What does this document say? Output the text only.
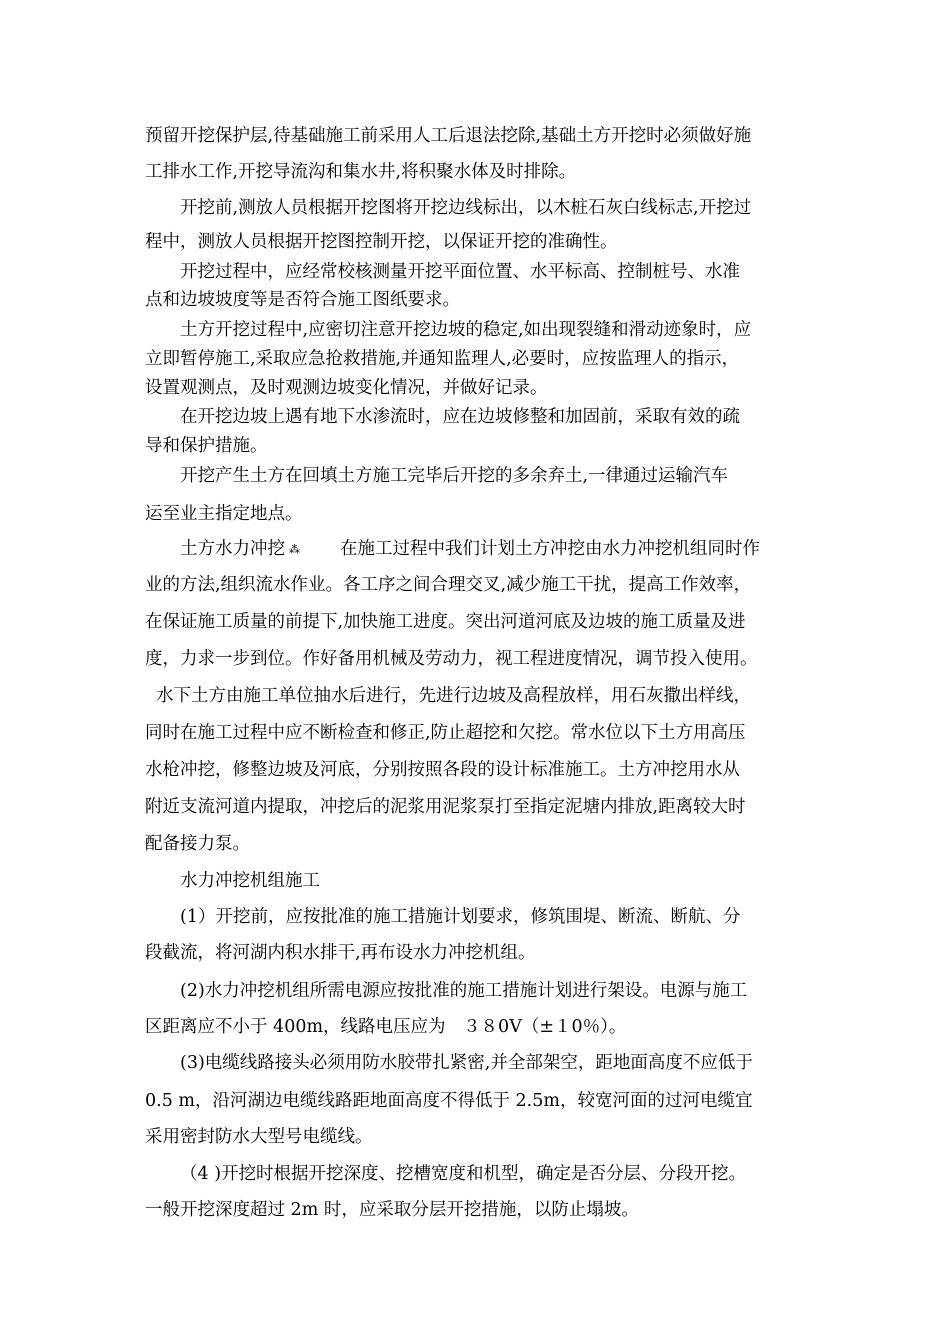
预留开挖保护层,待基础施工前采用人工后退法挖除,基础土方开挖时必须做好施
工排水工作,开挖导流沟和集水井,将积聚水体及时排除。
开挖前,测放人员根据开挖图将开挖边线标出，以木桩石灰白线标志,开挖过
程中，测放人员根据开挖图控制开挖，以保证开挖的准确性。
开挖过程中，应经常校核测量开挖平面位置、水平标高、控制桩号、水准
点和边坡坡度等是否符合施工图纸要求。
土方开挖过程中,应密切注意开挖边坡的稳定,如出现裂缝和滑动迹象时，应
立即暂停施工,采取应急抢救措施,并通知监理人,必要时，应按监理人的指示，
设置观测点，及时观测边坡变化情况，并做好记录。
在开挖边坡上遇有地下水渗流时，应在边坡修整和加固前，采取有效的疏
导和保护措施。
开挖产生土方在回填土方施工完毕后开挖的多余弃土,一律通过运输汽车
运至业主指定地点。
土方水力冲挖 ⁂ 在施工过程中我们计划土方冲挖由水力冲挖机组同时作
业的方法,组织流水作业。各工序之间合理交叉,减少施工干扰，提高工作效率，
在保证施工质量的前提下,加快施工进度。突出河道河底及边坡的施工质量及进
度，力求一步到位。作好备用机械及劳动力，视工程进度情况，调节投入使用。
水下土方由施工单位抽水后进行，先进行边坡及高程放样，用石灰撒出样线，
同时在施工过程中应不断检查和修正,防止超挖和欠挖。常水位以下土方用高压
水枪冲挖，修整边坡及河底，分别按照各段的设计标准施工。土方冲挖用水从
附近支流河道内提取，冲挖后的泥浆用泥浆泵打至指定泥塘内排放,距离较大时
配备接力泵。
水力冲挖机组施工
(1）开挖前，应按批准的施工措施计划要求，修筑围堤、断流、断航、分
段截流，将河湖内积水排干,再布设水力冲挖机组。
(2)水力冲挖机组所需电源应按批准的施工措施计划进行架设。电源与施工
区距离应不小于 400m，线路电压应为　３８0V（±１0％）。
(3)电缆线路接头必须用防水胶带扎紧密,并全部架空，距地面高度不应低于
0.5 m，沿河湖边电缆线路距地面高度不得低于 2.5m，较宽河面的过河电缆宜
采用密封防水大型号电缆线。
（4 )开挖时根据开挖深度、挖槽宽度和机型，确定是否分层、分段开挖。
一般开挖深度超过 2m 时，应采取分层开挖措施，以防止塌坡。
